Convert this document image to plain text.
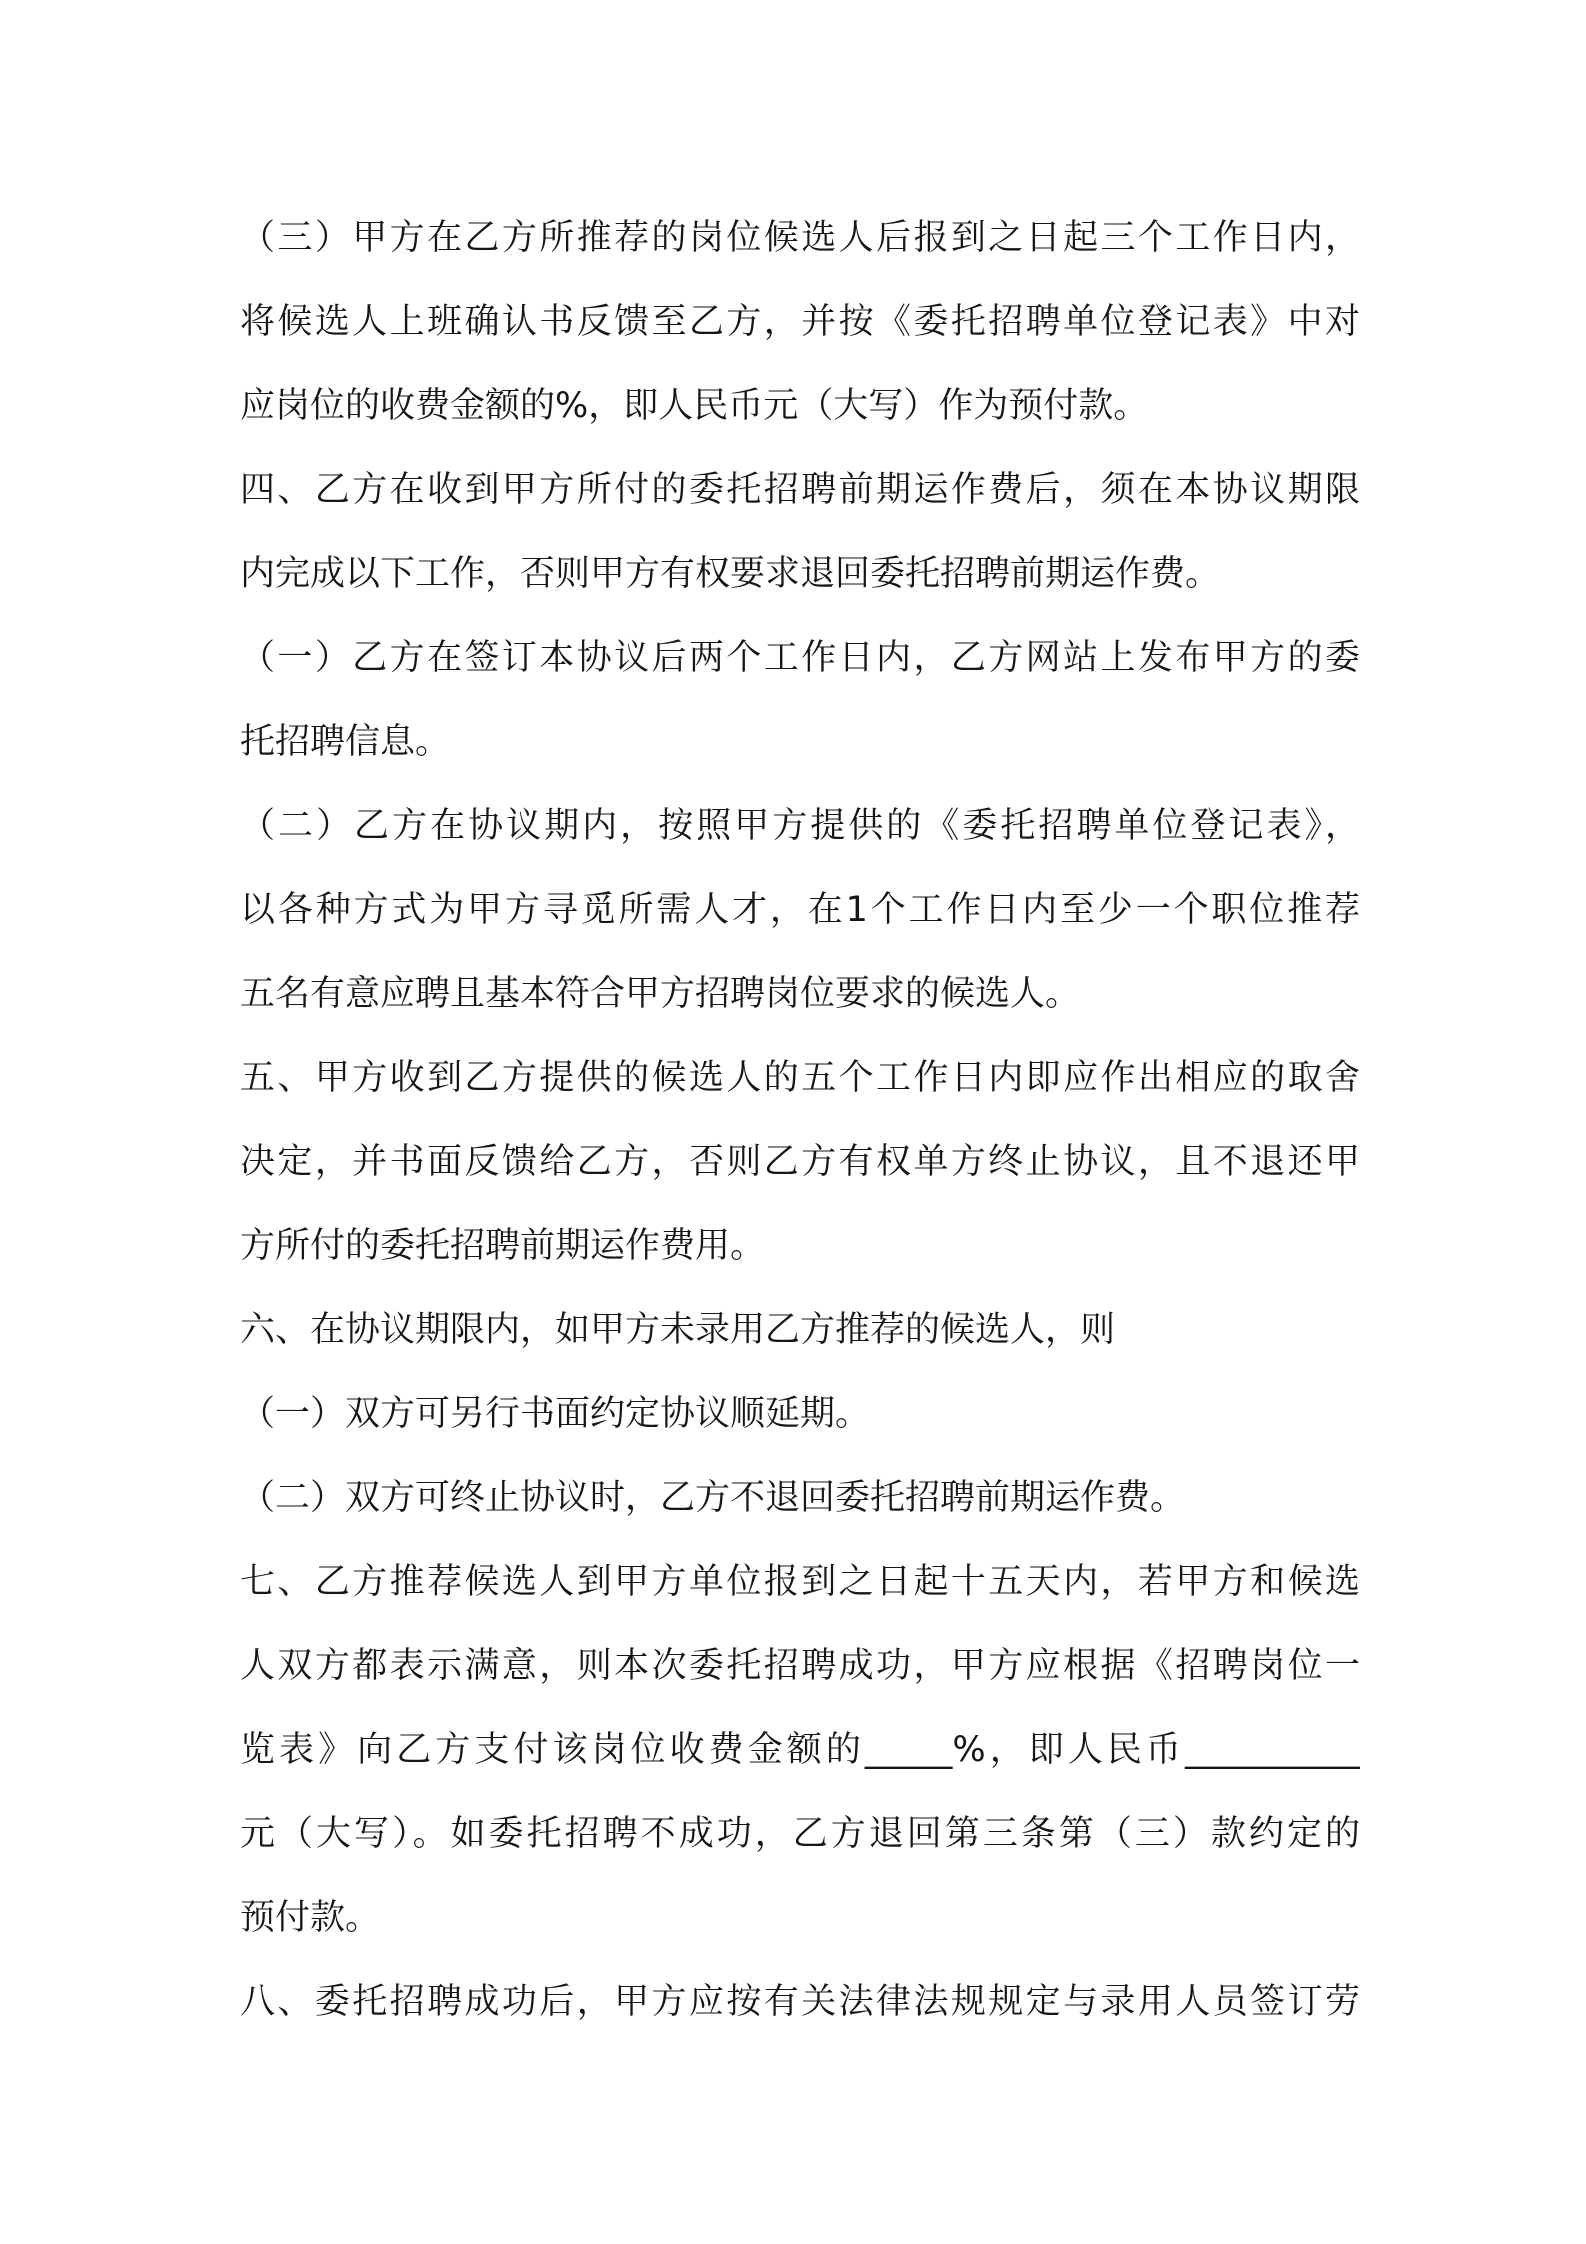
（三）甲方在乙方所推荐的岗位候选人后报到之日起三个工作日内，
将候选人上班确认书反馈至乙方，并按《委托招聘单位登记表》中对
应岗位的收费金额的%，即人民币元（大写）作为预付款。
四、乙方在收到甲方所付的委托招聘前期运作费后，须在本协议期限
内完成以下工作，否则甲方有权要求退回委托招聘前期运作费。
（一）乙方在签订本协议后两个工作日内，乙方网站上发布甲方的委
托招聘信息。
（二）乙方在协议期内，按照甲方提供的《委托招聘单位登记表》，
以各种方式为甲方寻觅所需人才，在1个工作日内至少一个职位推荐
五名有意应聘且基本符合甲方招聘岗位要求的候选人。
五、甲方收到乙方提供的候选人的五个工作日内即应作出相应的取舍
决定，并书面反馈给乙方，否则乙方有权单方终止协议，且不退还甲
方所付的委托招聘前期运作费用。
六、在协议期限内，如甲方未录用乙方推荐的候选人，则
（一）双方可另行书面约定协议顺延期。
（二）双方可终止协议时，乙方不退回委托招聘前期运作费。
七、乙方推荐候选人到甲方单位报到之日起十五天内，若甲方和候选
人双方都表示满意，则本次委托招聘成功，甲方应根据《招聘岗位一
览表》向乙方支付该岗位收费金额的_____%，即人民币__________
元（大写）。如委托招聘不成功，乙方退回第三条第（三）款约定的
预付款。
八、委托招聘成功后，甲方应按有关法律法规规定与录用人员签订劳
